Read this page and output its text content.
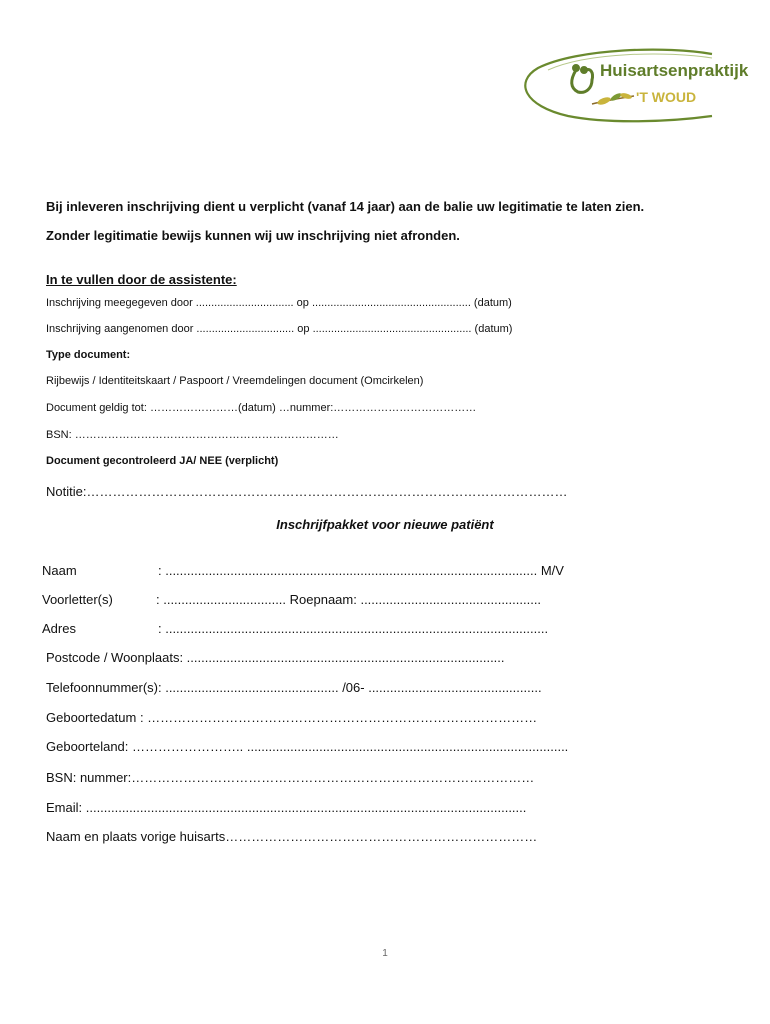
Huisartsenpraktijk
'T WOUD
Bij inleveren inschrijving dient u verplicht (vanaf 14 jaar) aan de balie uw legitimatie te laten zien.
Zonder legitimatie bewijs kunnen wij uw inschrijving niet afronden.
In te vullen door de assistente:
Inschrijving meegegeven door ................................ op .................................................... (datum)
Inschrijving aangenomen door ................................ op .................................................... (datum)
Type document:
Rijbewijs / Identiteitskaart / Paspoort / Vreemdelingen document (Omcirkelen)
Document geldig tot: ……………………(datum) …nummer:…………………………………
BSN: ………………………………………………………………
Document gecontroleerd JA/ NEE (verplicht)
Notitie:…………………………………………………………………………………………………
Inschrijfpakket voor nieuwe patiënt
Naam	: ....................................................................................................... M/V
Voorletter(s)	: .................................. Roepnaam: ..................................................
Adres	: ..........................................................................................................
Postcode / Woonplaats: ........................................................................................
Telefoonnummer(s): ................................................ /06- ................................................
Geboortedatum : ………………………………………………………………………………
Geboorteland: …………………….. .........................................................................................
BSN: nummer:…………………………………………………………………………………
Email: ..........................................................................................................................
Naam en plaats vorige huisarts………………………………………………………………
1
